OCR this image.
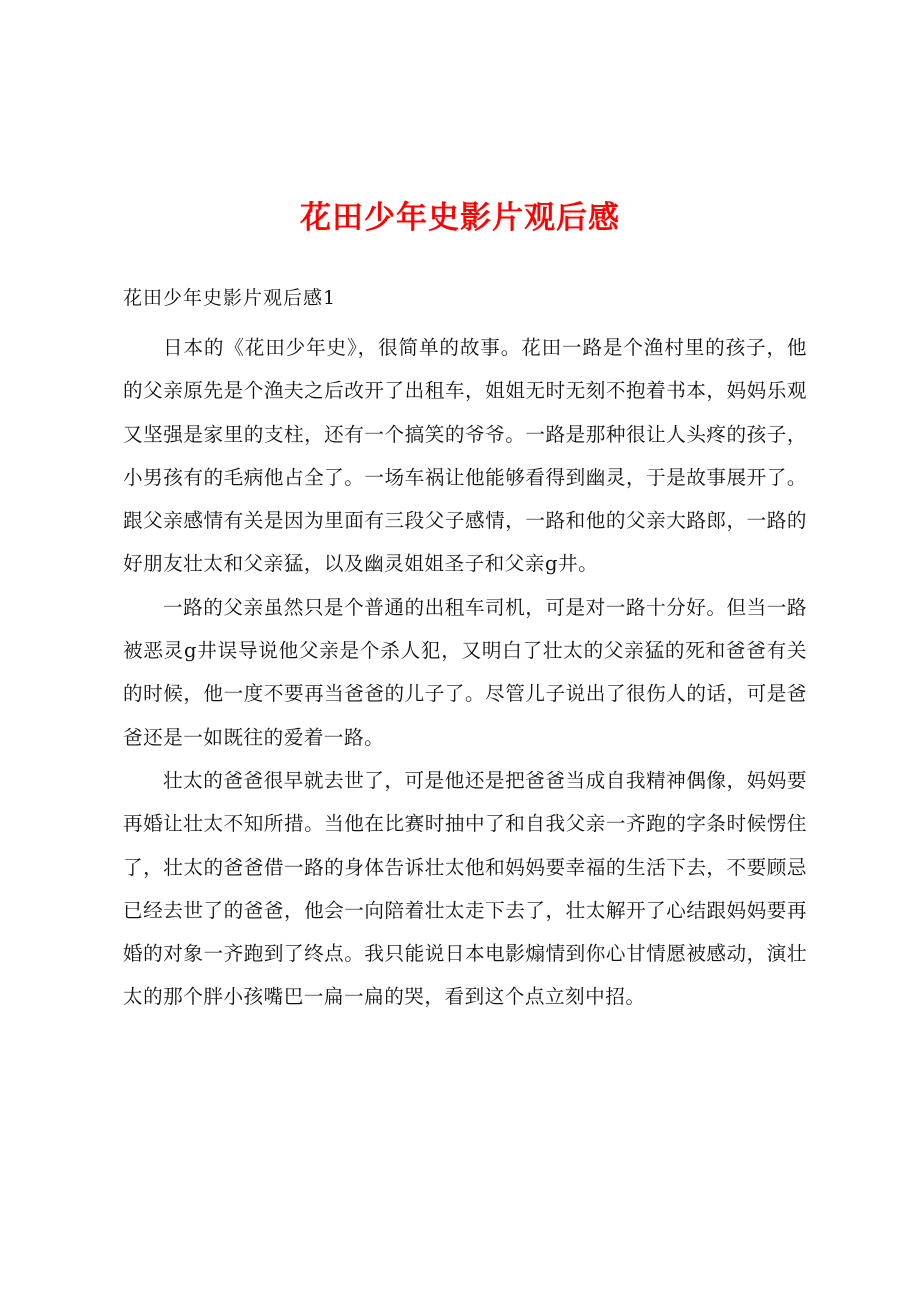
花田少年史影片观后感

花田少年史影片观后感1

日本的《花田少年史》，很简单的故事。花田一路是个渔村里的孩子，他的父亲原先是个渔夫之后改开了出租车，姐姐无时无刻不抱着书本，妈妈乐观又坚强是家里的支柱，还有一个搞笑的爷爷。一路是那种很让人头疼的孩子，小男孩有的毛病他占全了。一场车祸让他能够看得到幽灵，于是故事展开了。跟父亲感情有关是因为里面有三段父子感情，一路和他的父亲大路郎，一路的好朋友壮太和父亲猛，以及幽灵姐姐圣子和父亲g井。

一路的父亲虽然只是个普通的出租车司机，可是对一路十分好。但当一路被恶灵g井误导说他父亲是个杀人犯，又明白了壮太的父亲猛的死和爸爸有关的时候，他一度不要再当爸爸的儿子了。尽管儿子说出了很伤人的话，可是爸爸还是一如既往的爱着一路。

壮太的爸爸很早就去世了，可是他还是把爸爸当成自我精神偶像，妈妈要再婚让壮太不知所措。当他在比赛时抽中了和自我父亲一齐跑的字条时候愣住了，壮太的爸爸借一路的身体告诉壮太他和妈妈要幸福的生活下去，不要顾忌已经去世了的爸爸，他会一向陪着壮太走下去了，壮太解开了心结跟妈妈要再婚的对象一齐跑到了终点。我只能说日本电影煽情到你心甘情愿被感动，演壮太的那个胖小孩嘴巴一扁一扁的哭，看到这个点立刻中招。
